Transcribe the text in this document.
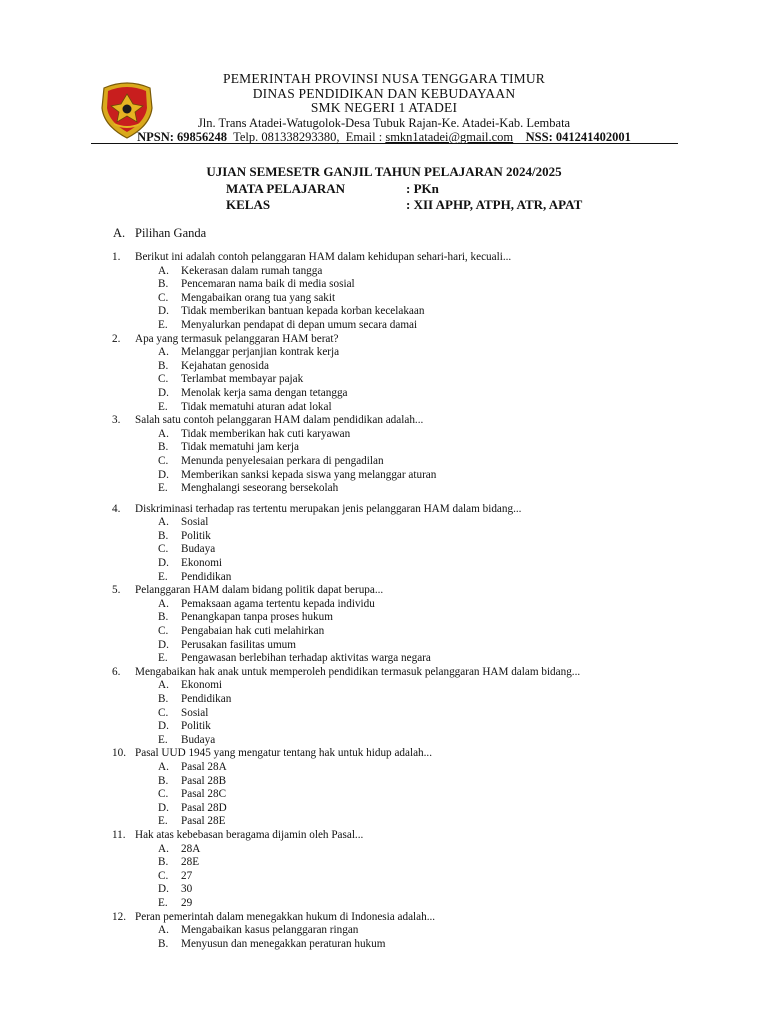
PEMERINTAH PROVINSI NUSA TENGGARA TIMUR
DINAS PENDIDIKAN DAN KEBUDAYAAN
SMK NEGERI 1 ATADEI
Jln. Trans Atadei-Watugolok-Desa Tubuk Rajan-Ke. Atadei-Kab. Lembata
NPSN: 69856248 Telp. 081338293380, Email : smkn1atadei@gmail.com NSS: 041241402001
UJIAN SEMESETR GANJIL TAHUN PELAJARAN 2024/2025
MATA PELAJARAN	: PKn
KELAS	: XII APHP, ATPH, ATR, APAT
A. Pilihan Ganda
1.	Berikut ini adalah contoh pelanggaran HAM dalam kehidupan sehari-hari, kecuali...
A.	Kekerasan dalam rumah tangga
B.	Pencemaran nama baik di media sosial
C.	Mengabaikan orang tua yang sakit
D.	Tidak memberikan bantuan kepada korban kecelakaan
E.	Menyalurkan pendapat di depan umum secara damai
2.	Apa yang termasuk pelanggaran HAM berat?
A.	Melanggar perjanjian kontrak kerja
B.	Kejahatan genosida
C.	Terlambat membayar pajak
D.	Menolak kerja sama dengan tetangga
E.	Tidak mematuhi aturan adat lokal
3.	Salah satu contoh pelanggaran HAM dalam pendidikan adalah...
A.	Tidak memberikan hak cuti karyawan
B.	Tidak mematuhi jam kerja
C.	Menunda penyelesaian perkara di pengadilan
D.	Memberikan sanksi kepada siswa yang melanggar aturan
E.	Menghalangi seseorang bersekolah
4.	Diskriminasi terhadap ras tertentu merupakan jenis pelanggaran HAM dalam bidang...
A.	Sosial
B.	Politik
C.	Budaya
D.	Ekonomi
E.	Pendidikan
5.	Pelanggaran HAM dalam bidang politik dapat berupa...
A.	Pemaksaan agama tertentu kepada individu
B.	Penangkapan tanpa proses hukum
C.	Pengabaian hak cuti melahirkan
D.	Perusakan fasilitas umum
E.	Pengawasan berlebihan terhadap aktivitas warga negara
6.	Mengabaikan hak anak untuk memperoleh pendidikan termasuk pelanggaran HAM dalam bidang...
A.	Ekonomi
B.	Pendidikan
C.	Sosial
D.	Politik
E.	Budaya
10. Pasal UUD 1945 yang mengatur tentang hak untuk hidup adalah...
A.	Pasal 28A
B.	Pasal 28B
C.	Pasal 28C
D.	Pasal 28D
E.	Pasal 28E
11. Hak atas kebebasan beragama dijamin oleh Pasal...
A.	28A
B.	28E
C.	27
D.	30
E.	29
12. Peran pemerintah dalam menegakkan hukum di Indonesia adalah...
A.	Mengabaikan kasus pelanggaran ringan
B.	Menyusun dan menegakkan peraturan hukum
